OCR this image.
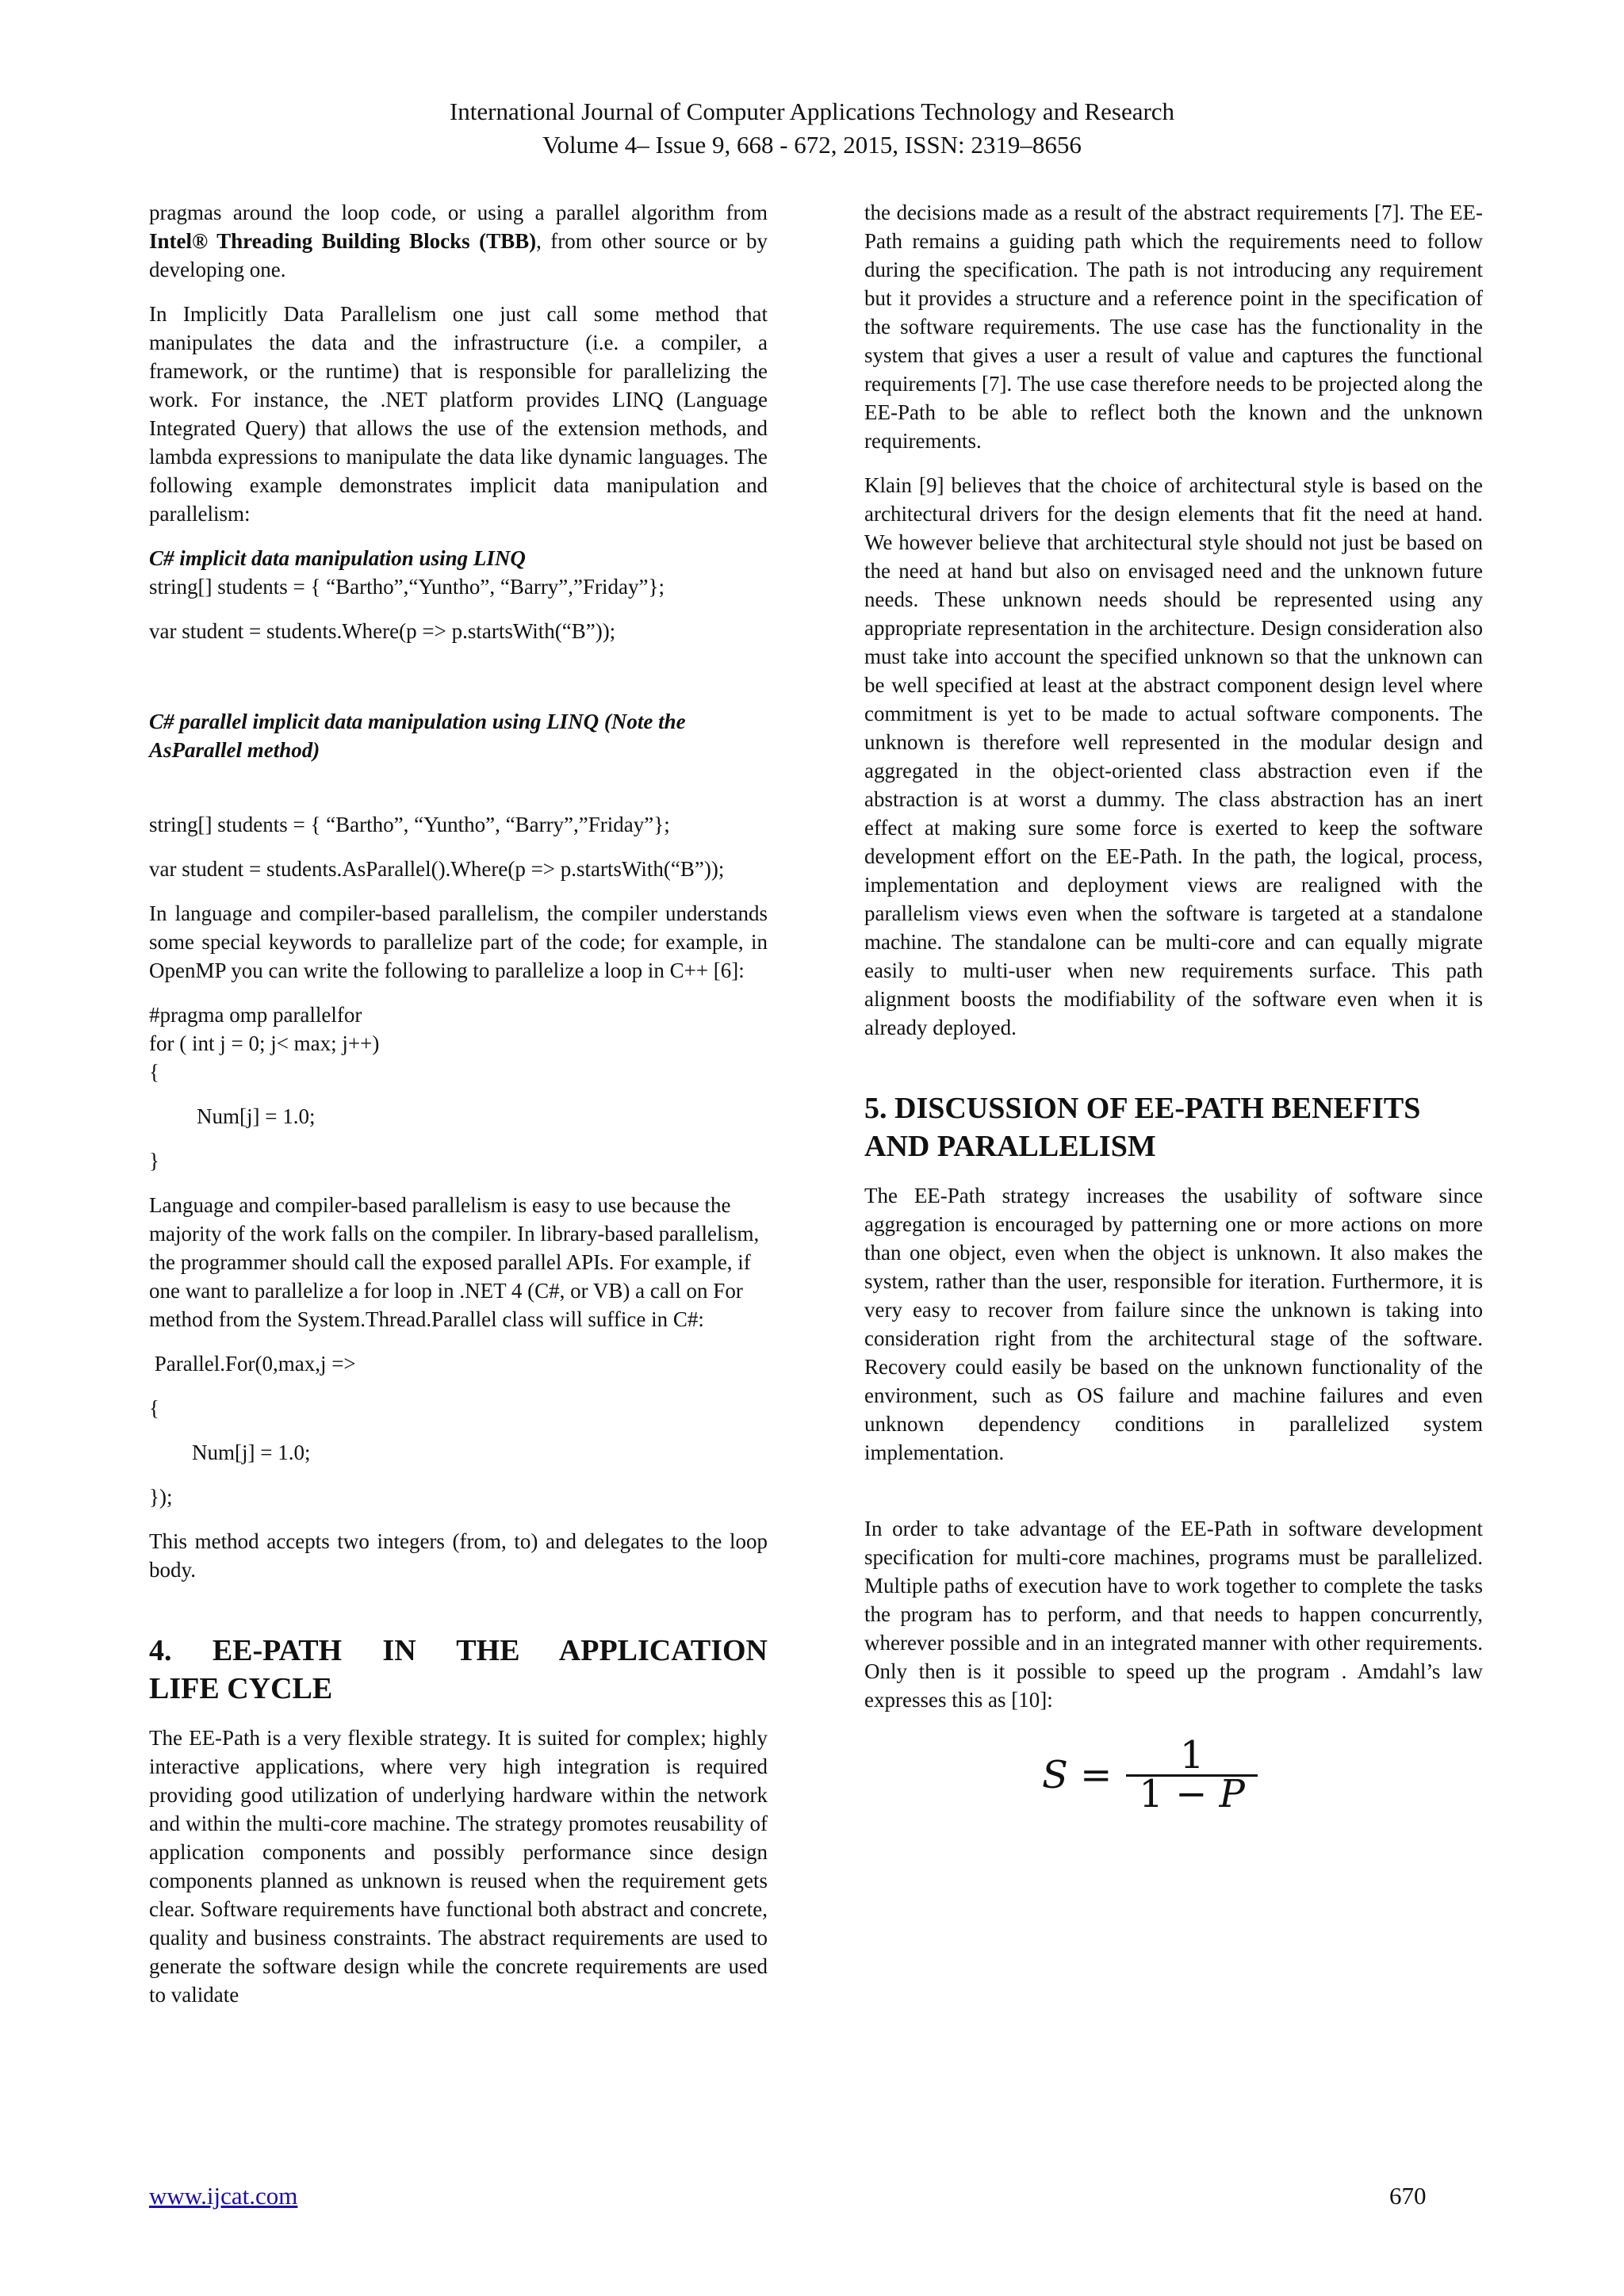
International Journal of Computer Applications Technology and Research
Volume 4– Issue 9, 668 - 672, 2015, ISSN: 2319–8656

pragmas around the loop code, or using a parallel algorithm from Intel® Threading Building Blocks (TBB), from other source or by developing one.

In Implicitly Data Parallelism one just call some method that manipulates the data and the infrastructure (i.e. a compiler, a framework, or the runtime) that is responsible for parallelizing the work. For instance, the .NET platform provides LINQ (Language Integrated Query) that allows the use of the extension methods, and lambda expressions to manipulate the data like dynamic languages. The following example demonstrates implicit data manipulation and parallelism:

C# implicit data manipulation using LINQ

string[] students = { “Bartho”,“Yuntho”, “Barry”,”Friday”};

var student = students.Where(p => p.startsWith(“B”));

C# parallel implicit data manipulation using LINQ (Note the AsParallel method)

string[] students = { “Bartho”, “Yuntho”, “Barry”,”Friday”};

var student = students.AsParallel().Where(p => p.startsWith(“B”));

In language and compiler-based parallelism, the compiler understands some special keywords to parallelize part of the code; for example, in OpenMP you can write the following to parallelize a loop in C++ [6]:

#pragma omp parallelfor

for ( int j = 0; j< max; j++)

{

Num[j] = 1.0;

}

Language and compiler-based parallelism is easy to use because the majority of the work falls on the compiler. In library-based parallelism, the programmer should call the exposed parallel APIs. For example, if one want to parallelize a for loop in .NET 4 (C#, or VB) a call on For method from the System.Thread.Parallel class will suffice in C#:

Parallel.For(0,max,j =>

{

Num[j] = 1.0;

});

This method accepts two integers (from, to) and delegates to the loop body.

4. EE-PATH IN THE APPLICATION
LIFE CYCLE

The EE-Path is a very flexible strategy. It is suited for complex; highly interactive applications, where very high integration is required providing good utilization of underlying hardware within the network and within the multi-core machine. The strategy promotes reusability of application components and possibly performance since design components planned as unknown is reused when the requirement gets clear. Software requirements have functional both abstract and concrete, quality and business constraints. The abstract requirements are used to generate the software design while the concrete requirements are used to validate

the decisions made as a result of the abstract requirements [7]. The EE-Path remains a guiding path which the requirements need to follow during the specification. The path is not introducing any requirement but it provides a structure and a reference point in the specification of the software requirements. The use case has the functionality in the system that gives a user a result of value and captures the functional requirements [7]. The use case therefore needs to be projected along the EE-Path to be able to reflect both the known and the unknown requirements.

Klain [9] believes that the choice of architectural style is based on the architectural drivers for the design elements that fit the need at hand. We however believe that architectural style should not just be based on the need at hand but also on envisaged need and the unknown future needs. These unknown needs should be represented using any appropriate representation in the architecture. Design consideration also must take into account the specified unknown so that the unknown can be well specified at least at the abstract component design level where commitment is yet to be made to actual software components. The unknown is therefore well represented in the modular design and aggregated in the object-oriented class abstraction even if the abstraction is at worst a dummy. The class abstraction has an inert effect at making sure some force is exerted to keep the software development effort on the EE-Path. In the path, the logical, process, implementation and deployment views are realigned with the parallelism views even when the software is targeted at a standalone machine. The standalone can be multi-core and can equally migrate easily to multi-user when new requirements surface. This path alignment boosts the modifiability of the software even when it is already deployed.

5. DISCUSSION OF EE-PATH BENEFITS
AND PARALLELISM

The EE-Path strategy increases the usability of software since aggregation is encouraged by patterning one or more actions on more than one object, even when the object is unknown. It also makes the system, rather than the user, responsible for iteration. Furthermore, it is very easy to recover from failure since the unknown is taking into consideration right from the architectural stage of the software. Recovery could easily be based on the unknown functionality of the environment, such as OS failure and machine failures and even unknown dependency conditions in parallelized system implementation.

In order to take advantage of the EE-Path in software development specification for multi-core machines, programs must be parallelized. Multiple paths of execution have to work together to complete the tasks the program has to perform, and that needs to happen concurrently, wherever possible and in an integrated manner with other requirements. Only then is it possible to speed up the program . Amdahl’s law expresses this as [10]:

$S = \frac{1}{1 - P}$
www.ijcat.com	670
